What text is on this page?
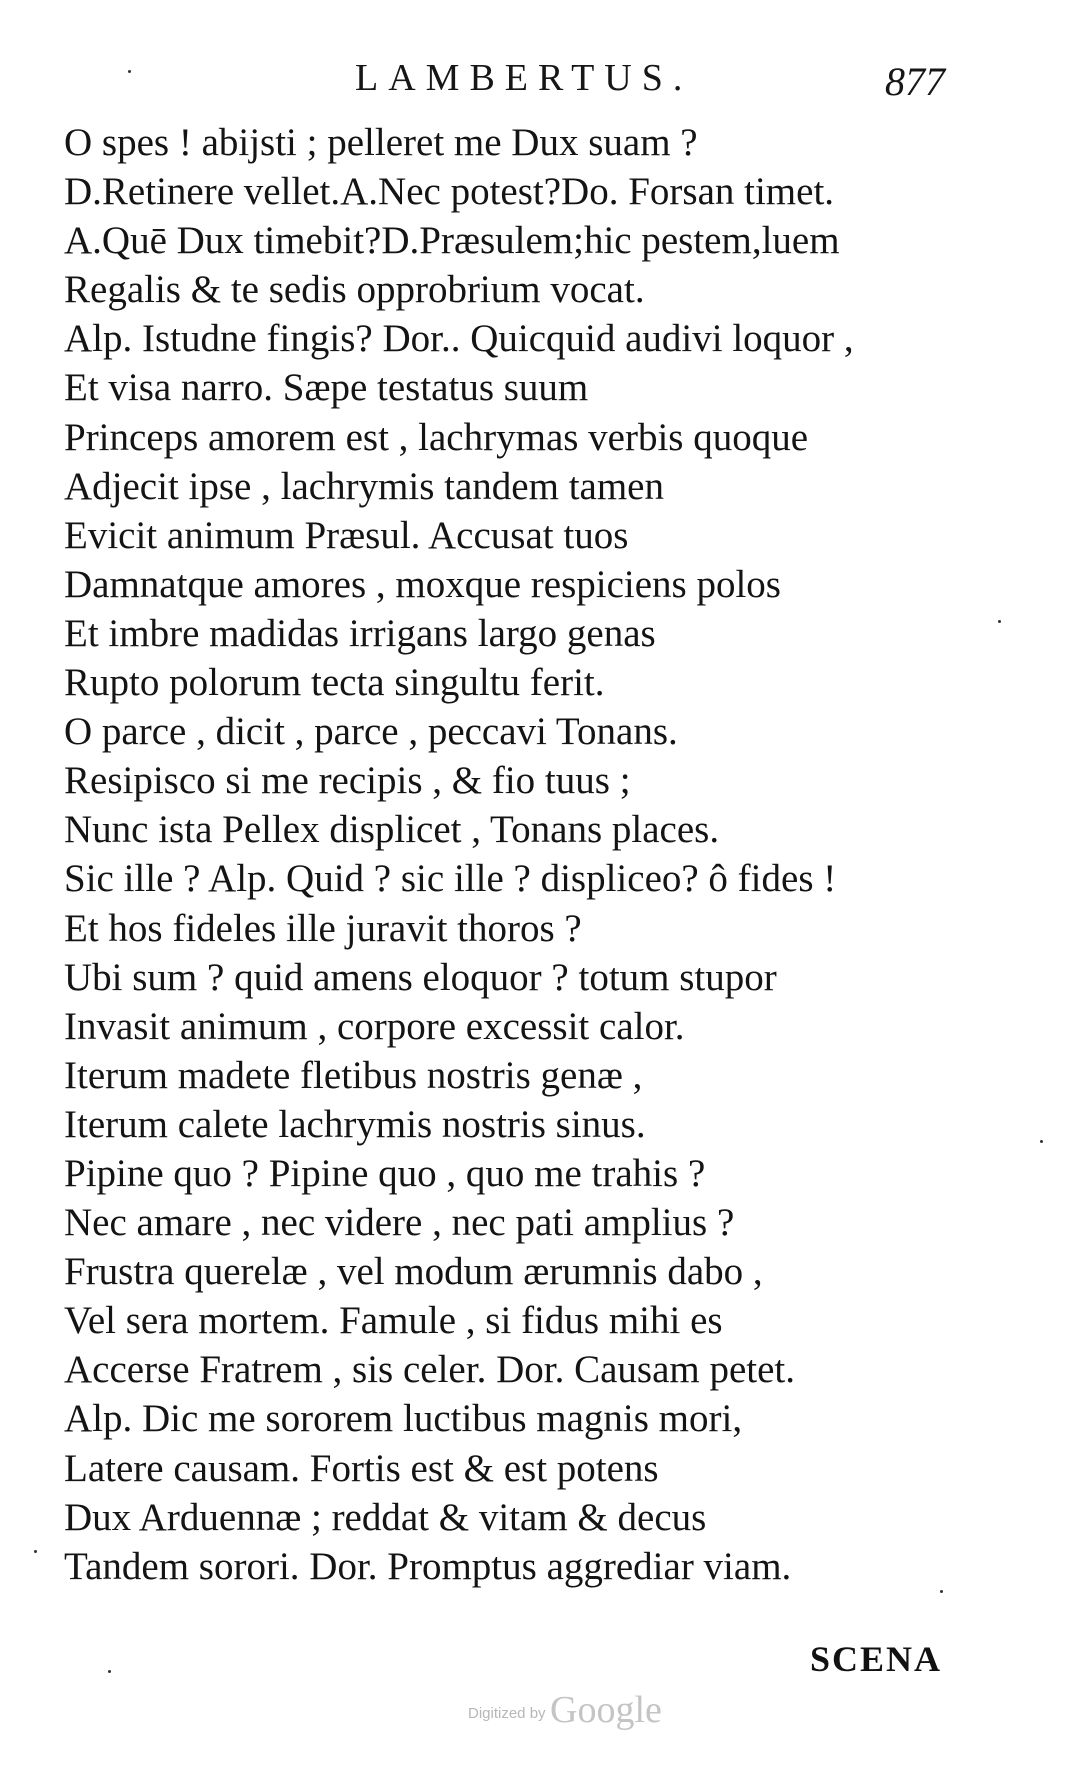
LAMBERTUS.	877
O spes ! abijsti ; pelleret me Dux suam ?
D.Retinere vellet.A.Nec potest?Do. Forsan timet.
A.Quē Dux timebit?D.Præsulem;hic pestem,luem
Regalis & te sedis opprobrium vocat.
Alp. Istudne fingis? Dor.. Quicquid audivi loquor ,
Et visa narro. Sæpe testatus suum
Princeps amorem est , lachrymas verbis quoque
Adjecit ipse , lachrymis tandem tamen
Evicit animum Præsul. Accusat tuos
Damnatque amores , moxque respiciens polos
Et imbre madidas irrigans largo genas
Rupto polorum tecta singultu ferit.
O parce , dicit , parce , peccavi Tonans.
Resipisco si me recipis , & fio tuus ;
Nunc ista Pellex displicet , Tonans places.
Sic ille ? Alp. Quid ? sic ille ? displiceo? ô fides !
Et hos fideles ille juravit thoros ?
Ubi sum ? quid amens eloquor ? totum stupor
Invasit animum , corpore excessit calor.
Iterum madete fletibus nostris genæ ,
Iterum calete lachrymis nostris sinus.
Pipine quo ? Pipine quo , quo me trahis ?
Nec amare , nec videre , nec pati amplius ?
Frustra querelæ , vel modum ærumnis dabo ,
Vel sera mortem. Famule , si fidus mihi es
Accerse Fratrem , sis celer. Dor. Causam petet.
Alp. Dic me sororem luctibus magnis mori,
Latere causam. Fortis est & est potens
Dux Arduennæ ; reddat & vitam & decus
Tandem sorori. Dor. Promptus aggrediar viam.
SCENA
Digitized by Google
